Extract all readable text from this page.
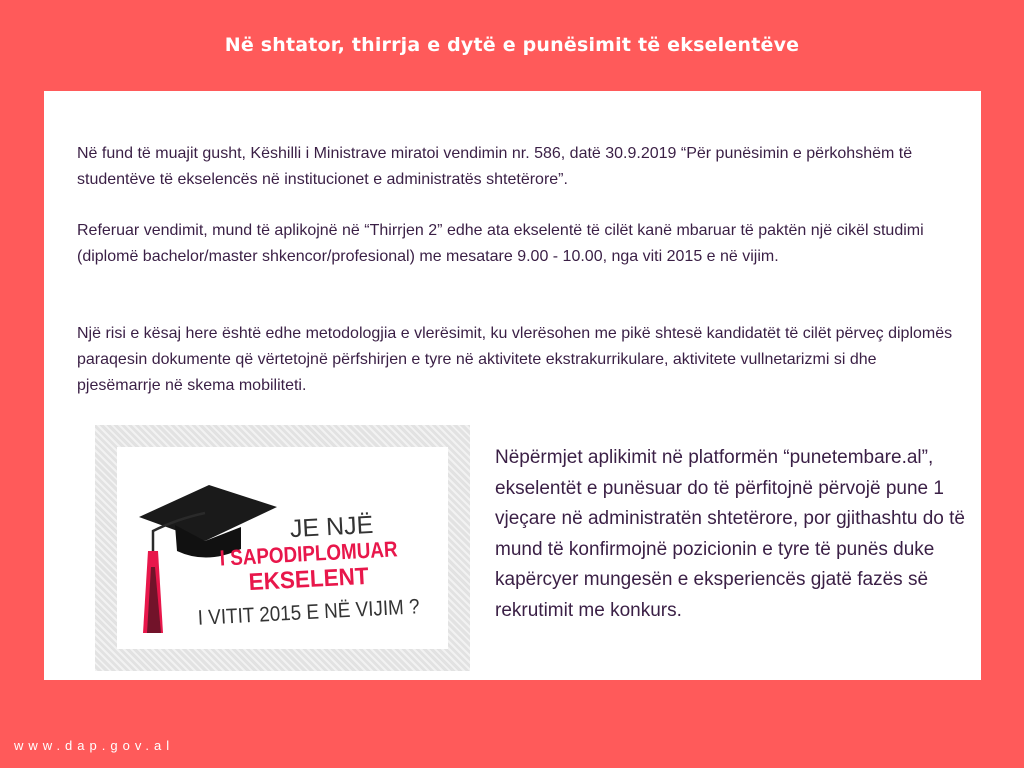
Në shtator, thirrja e dytë e punësimit të ekselentëve

Në fund të muajit gusht, Këshilli i Ministrave miratoi vendimin nr. 586, datë 30.9.2019 “Për punësimin e përkohshëm të studentëve të ekselencës në institucionet e administratës shtetërore”.

Referuar vendimit, mund të aplikojnë në “Thirrjen 2” edhe ata ekselentë të cilët kanë mbaruar të paktën një cikël studimi (diplomë bachelor/master shkencor/profesional) me mesatare 9.00 - 10.00, nga viti 2015 e në vijim.

Një risi e kësaj here është edhe metodologjia e vlerësimit, ku vlerësohen me pikë shtesë kandidatët të cilët përveç diplomës paraqesin dokumente që vërtetojnë përfshirjen e tyre në aktivitete ekstrakurrikulare, aktivitete vullnetarizmi si dhe pjesëmarrje në skema mobiliteti.

JE NJË
I SAPODIPLOMUAR
EKSELENT
I VITIT 2015 E NË VIJIM ?

Nëpërmjet aplikimit në platformën “punetembare.al”, ekselentët e punësuar do të përfitojnë përvojë pune 1 vjeçare në administratën shtetërore, por gjithashtu do të mund të konfirmojnë pozicionin e tyre të punës duke kapërcyer mungesën e eksperiencës gjatë fazës së rekrutimit me konkurs.

www.dap.gov.al
